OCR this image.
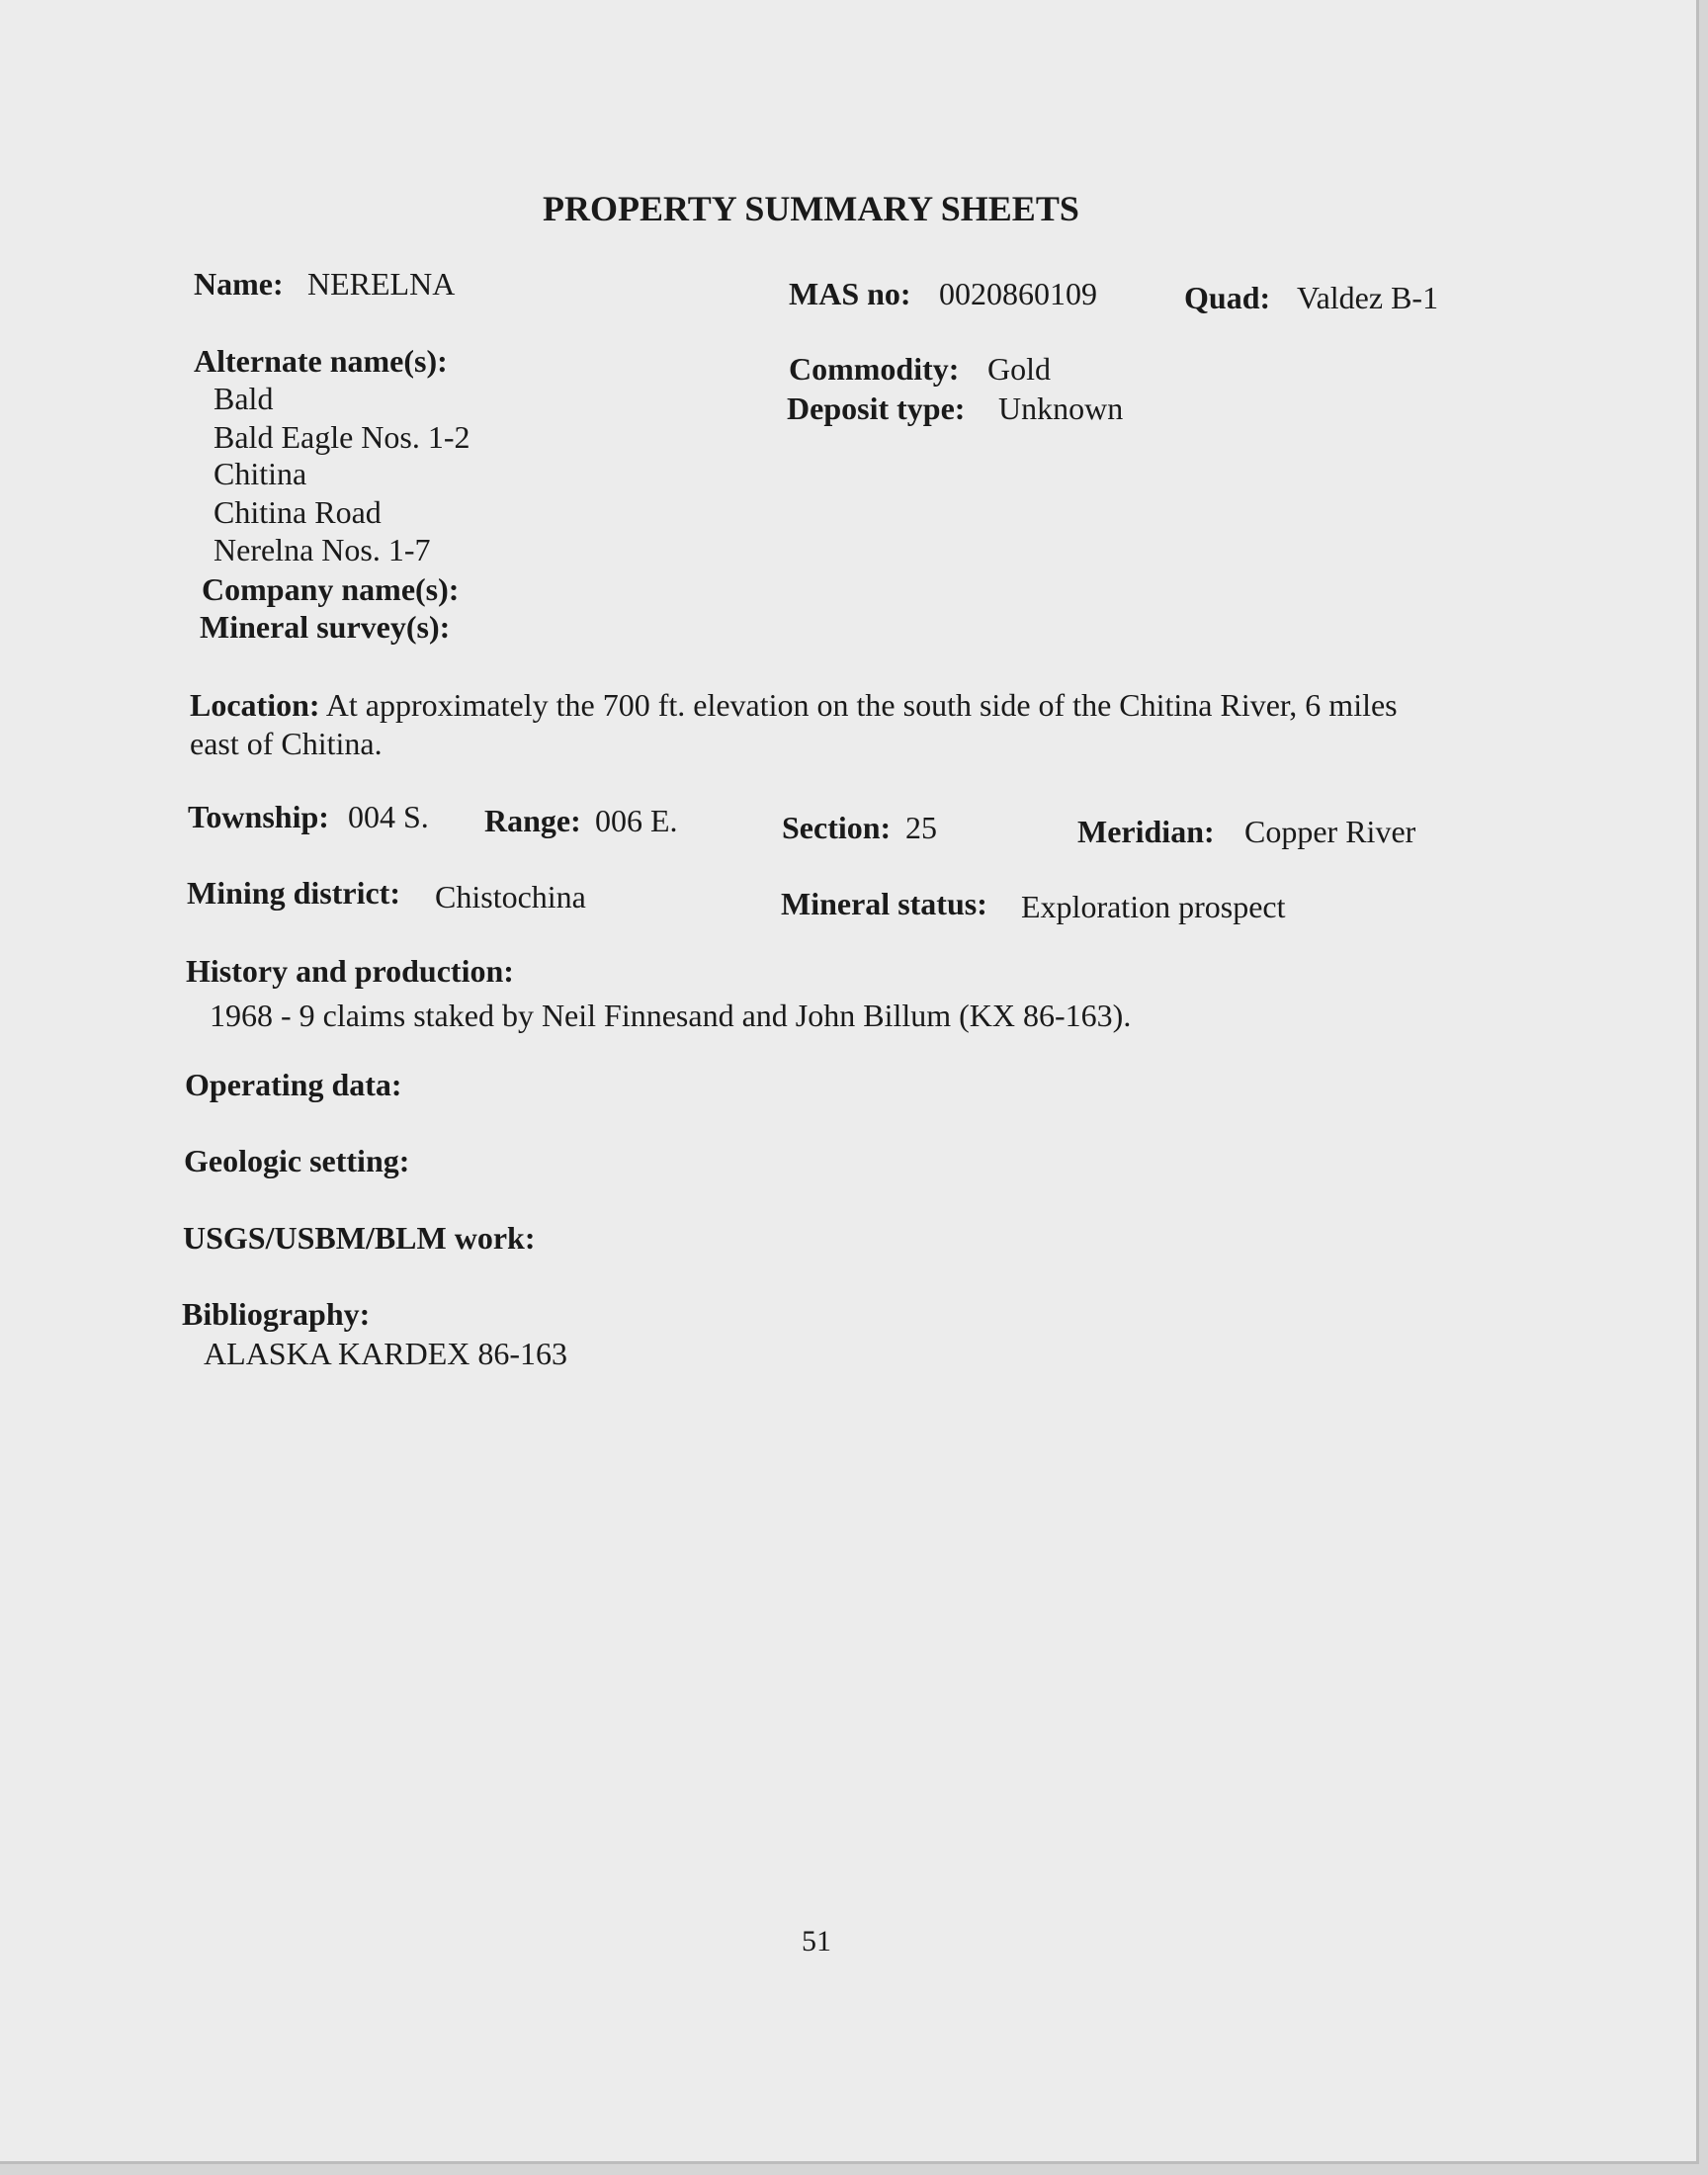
PROPERTY SUMMARY SHEETS
Name: NERELNA	MAS no: 0020860109	Quad: Valdez B-1
Alternate name(s):
Bald
Bald Eagle Nos. 1-2
Chitina
Chitina Road
Nerelna Nos. 1-7
Commodity: Gold
Deposit type: Unknown
Company name(s):
Mineral survey(s):
Location: At approximately the 700 ft. elevation on the south side of the Chitina River, 6 miles
east of Chitina.
Township: 004 S. Range: 006 E.	Section: 25	Meridian: Copper River
Mining district: Chistochina	Mineral status: Exploration prospect
History and production:
1968 - 9 claims staked by Neil Finnesand and John Billum (KX 86-163).
Operating data:
Geologic setting:
USGS/USBM/BLM work:
Bibliography:
ALASKA KARDEX 86-163
51
